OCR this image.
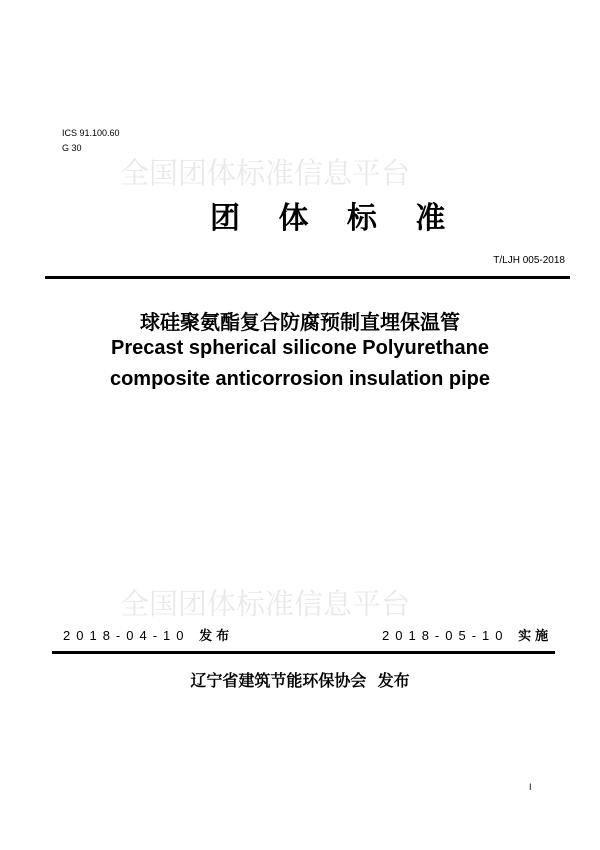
ICS 91.100.60
G 30
全国团体标准信息平台
团 体 标 准
T/LJH 005-2018
球硅聚氨酯复合防腐预制直埋保温管
Precast spherical silicone Polyurethane
composite anticorrosion insulation pipe
全国团体标准信息平台
2018-04-10 发布	2018-05-10 实施
辽宁省建筑节能环保协会  发布
I
